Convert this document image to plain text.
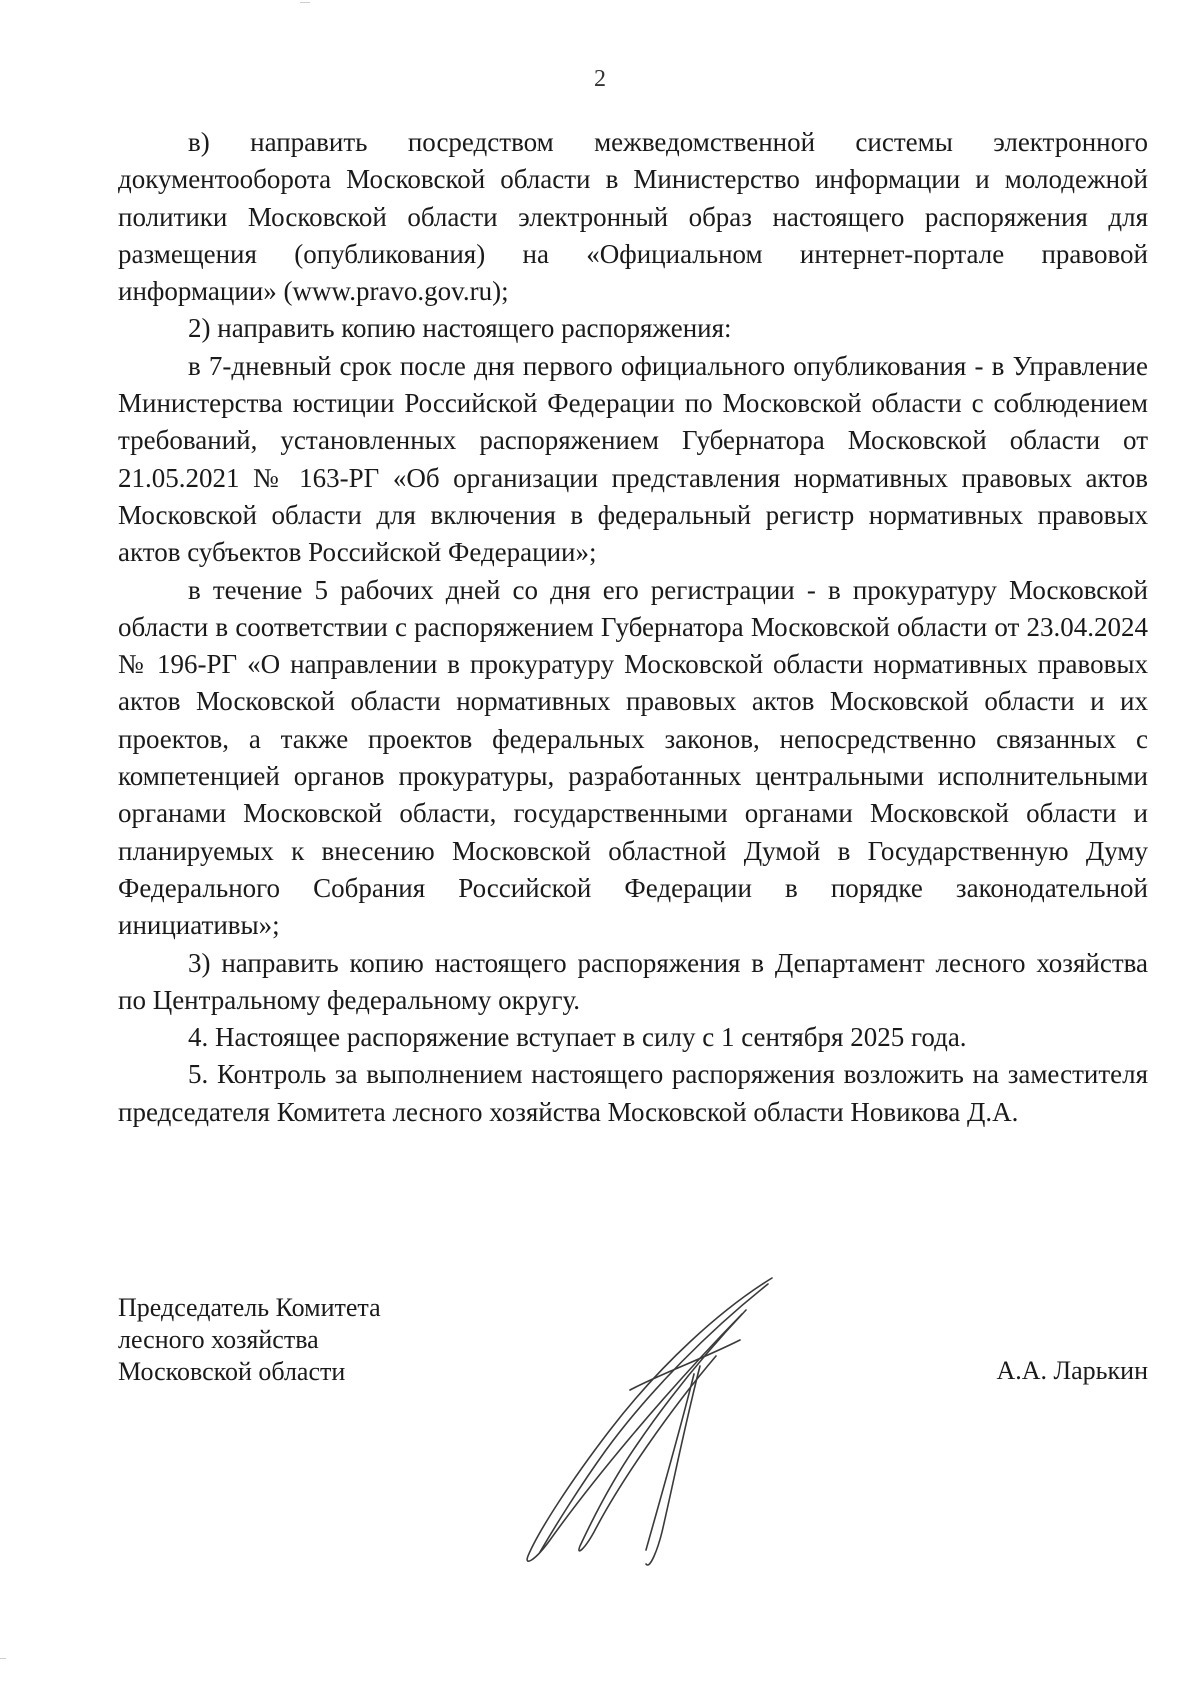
2

в) направить посредством межведомственной системы электронного документооборота Московской области в Министерство информации и молодежной политики Московской области электронный образ настоящего распоряжения для размещения (опубликования) на «Официальном интернет-портале правовой информации» (www.pravo.gov.ru);

2) направить копию настоящего распоряжения:

в 7-дневный срок после дня первого официального опубликования - в Управление Министерства юстиции Российской Федерации по Московской области с соблюдением требований, установленных распоряжением Губернатора Московской области от 21.05.2021 № 163-РГ «Об организации представления нормативных правовых актов Московской области для включения в федеральный регистр нормативных правовых актов субъектов Российской Федерации»;

в течение 5 рабочих дней со дня его регистрации - в прокуратуру Московской области в соответствии с распоряжением Губернатора Московской области от 23.04.2024 № 196-РГ «О направлении в прокуратуру Московской области нормативных правовых актов Московской области нормативных правовых актов Московской области и их проектов, а также проектов федеральных законов, непосредственно связанных с компетенцией органов прокуратуры, разработанных центральными исполнительными органами Московской области, государственными органами Московской области и планируемых к внесению Московской областной Думой в Государственную Думу Федерального Собрания Российской Федерации в порядке законодательной инициативы»;

3) направить копию настоящего распоряжения в Департамент лесного хозяйства по Центральному федеральному округу.

4. Настоящее распоряжение вступает в силу с 1 сентября 2025 года.

5. Контроль за выполнением настоящего распоряжения возложить на заместителя председателя Комитета лесного хозяйства Московской области Новикова Д.А.

Председатель Комитета
лесного хозяйства
Московской области	А.А. Ларькин
